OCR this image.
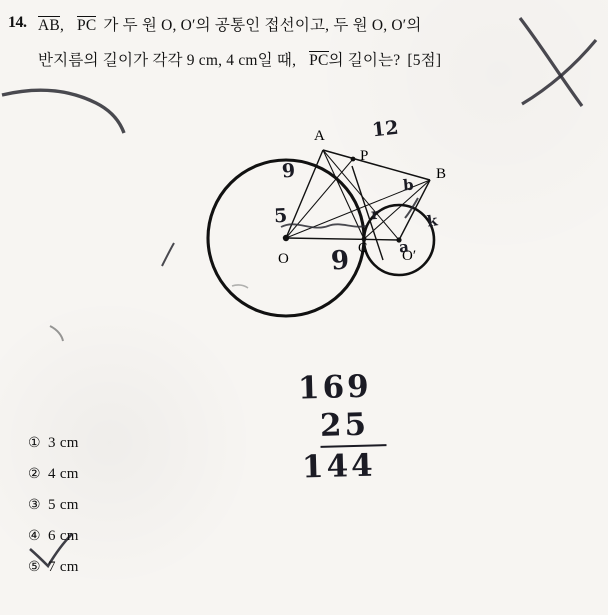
14. AB, PC 가 두 원 O, O′의 공통인 접선이고, 두 원 O, O′의
반지름의 길이가 각각 9 cm, 4 cm일 때, PC의 길이는? [5점]
A
B
C
P
O	O′
12
9
5
9
k
a
b
r
169
25
144
① 3 cm
② 4 cm
③ 5 cm
④ 6 cm
⑤ 7 cm
